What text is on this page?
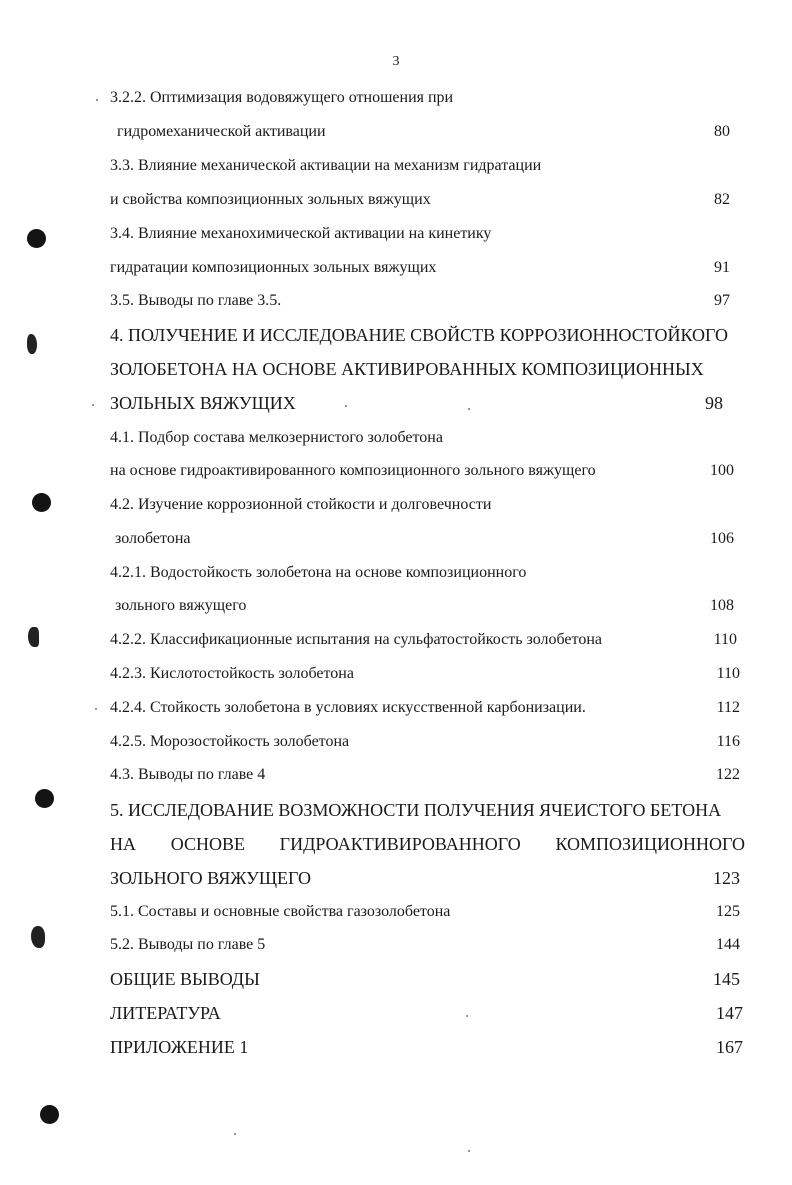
3
3.2.2. Оптимизация водовяжущего отношения при
гидромеханической активации	80
3.3. Влияние механической активации на механизм гидратации
и свойства композиционных зольных вяжущих	82
3.4. Влияние механохимической активации на кинетику
гидратации композиционных зольных вяжущих	91
3.5. Выводы по главе 3.5.	97
4. ПОЛУЧЕНИЕ И ИССЛЕДОВАНИЕ СВОЙСТВ КОРРОЗИОННОСТОЙКОГО
ЗОЛОБЕТОНА НА ОСНОВЕ АКТИВИРОВАННЫХ КОМПОЗИЦИОННЫХ
ЗОЛЬНЫХ ВЯЖУЩИХ	98
4.1. Подбор состава мелкозернистого золобетона
на основе гидроактивированного композиционного зольного вяжущего	100
4.2. Изучение коррозионной стойкости и долговечности
золобетона	106
4.2.1. Водостойкость золобетона на основе композиционного
зольного вяжущего	108
4.2.2. Классификационные испытания на сульфатостойкость золобетона	110
4.2.3. Кислотостойкость золобетона	110
4.2.4. Стойкость золобетона в условиях искусственной карбонизации.	112
4.2.5. Морозостойкость золобетона	116
4.3. Выводы по главе 4	122
5. ИССЛЕДОВАНИЕ ВОЗМОЖНОСТИ ПОЛУЧЕНИЯ ЯЧЕИСТОГО БЕТОНА
НА ОСНОВЕ ГИДРОАКТИВИРОВАННОГО КОМПОЗИЦИОННОГО
ЗОЛЬНОГО ВЯЖУЩЕГО	123
5.1. Составы и основные свойства газозолобетона	125
5.2. Выводы по главе 5	144
ОБЩИЕ ВЫВОДЫ	145
ЛИТЕРАТУРА	147
ПРИЛОЖЕНИЕ 1	167
